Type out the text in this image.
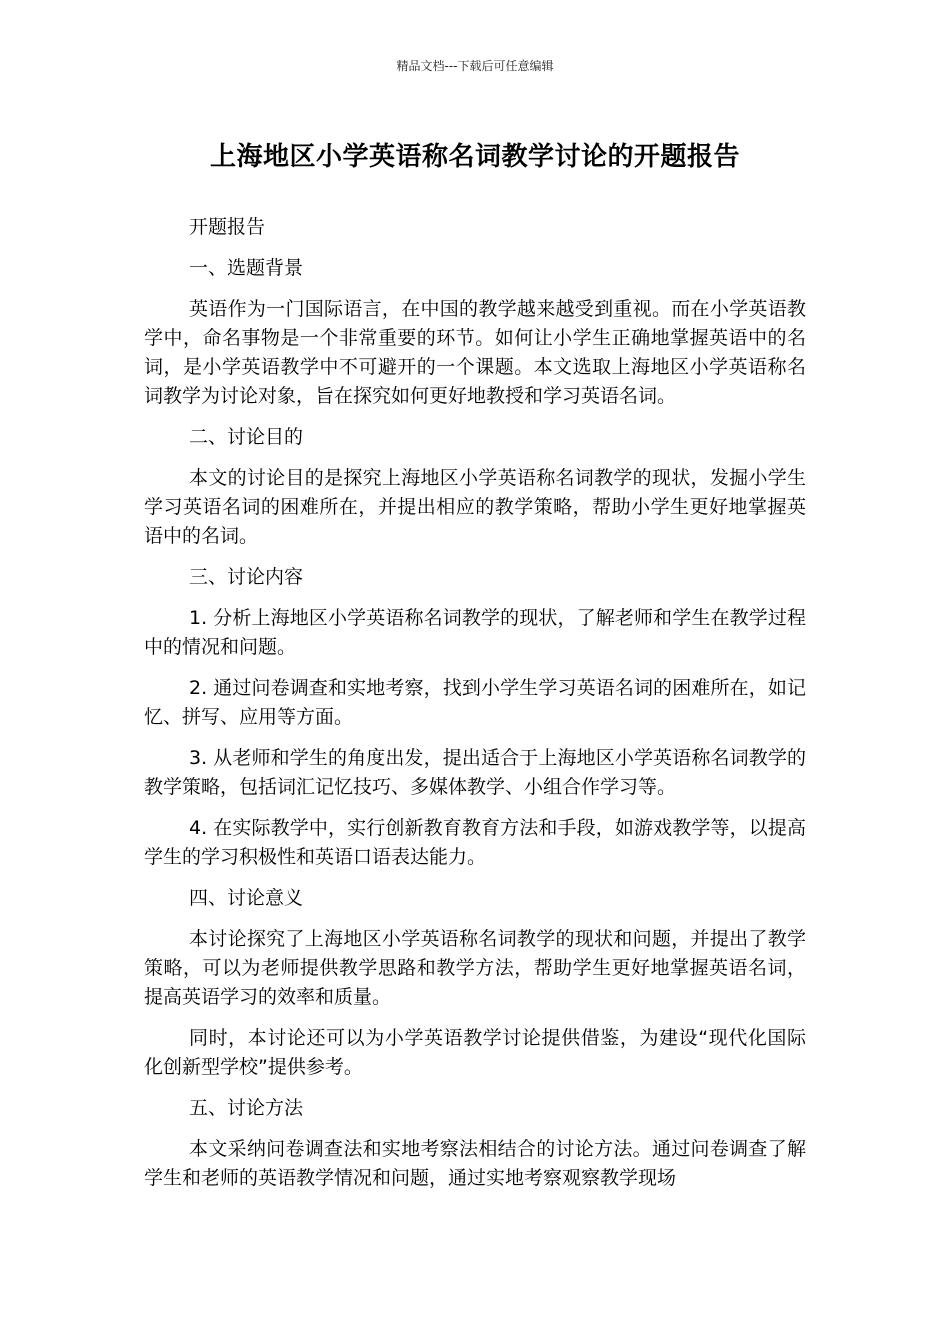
精品文档---下载后可任意编辑
上海地区小学英语称名词教学讨论的开题报告

开题报告

一、选题背景

英语作为一门国际语言，在中国的教学越来越受到重视。而在小学英语教学中，命名事物是一个非常重要的环节。如何让小学生正确地掌握英语中的名词，是小学英语教学中不可避开的一个课题。本文选取上海地区小学英语称名词教学为讨论对象，旨在探究如何更好地教授和学习英语名词。

二、讨论目的

本文的讨论目的是探究上海地区小学英语称名词教学的现状，发掘小学生学习英语名词的困难所在，并提出相应的教学策略，帮助小学生更好地掌握英语中的名词。

三、讨论内容

1. 分析上海地区小学英语称名词教学的现状，了解老师和学生在教学过程中的情况和问题。

2. 通过问卷调查和实地考察，找到小学生学习英语名词的困难所在，如记忆、拼写、应用等方面。

3. 从老师和学生的角度出发，提出适合于上海地区小学英语称名词教学的教学策略，包括词汇记忆技巧、多媒体教学、小组合作学习等。

4. 在实际教学中，实行创新教育教育方法和手段，如游戏教学等，以提高学生的学习积极性和英语口语表达能力。

四、讨论意义

本讨论探究了上海地区小学英语称名词教学的现状和问题，并提出了教学策略，可以为老师提供教学思路和教学方法，帮助学生更好地掌握英语名词，提高英语学习的效率和质量。

同时，本讨论还可以为小学英语教学讨论提供借鉴，为建设“现代化国际化创新型学校”提供参考。

五、讨论方法

本文采纳问卷调查法和实地考察法相结合的讨论方法。通过问卷调查了解学生和老师的英语教学情况和问题，通过实地考察观察教学现场
